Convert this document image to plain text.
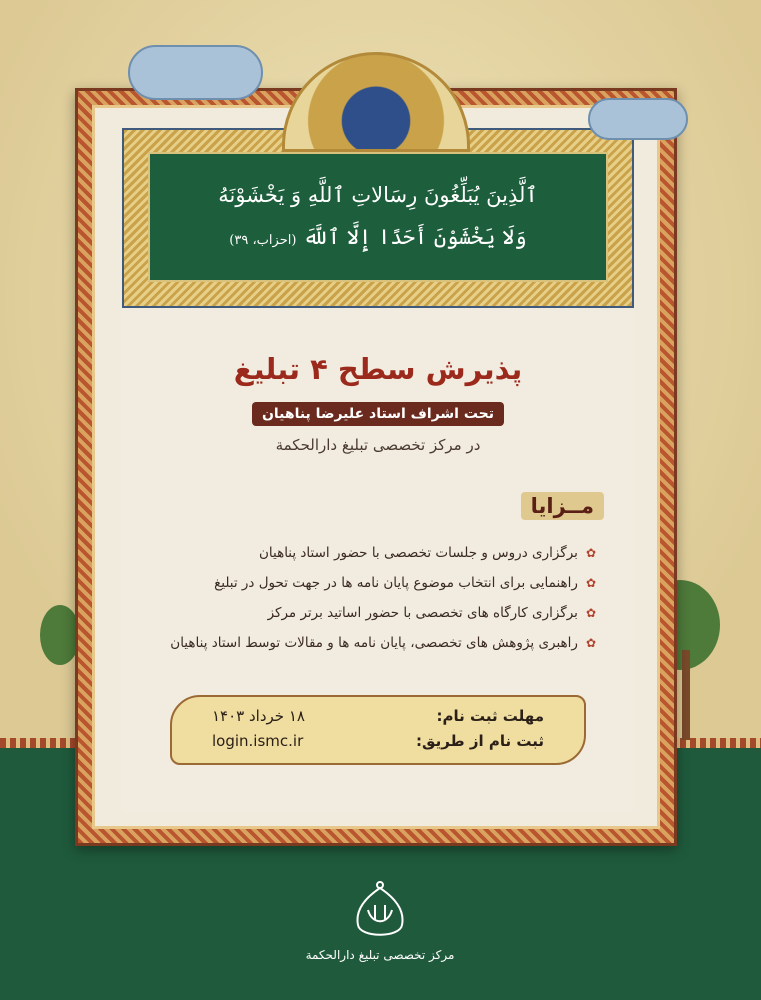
ٱلَّذِينَ يُبَلِّغُونَ رِسَالاتِ ٱللَّهِ وَ يَخْشَوْنَهُ
وَلَا يَخْشَوْنَ أَحَدًا إِلَّا ٱللَّهَ (احزاب، ۳۹)
پذیرش سطح ۴ تبلیغ
تحت اشراف استاد علیرضا پناهیان
در مرکز تخصصی تبلیغ دارالحکمة
مــزایا
✿برگزاری دروس و جلسات تخصصی با حضور استاد پناهیان
✿راهنمایی برای انتخاب موضوع پایان نامه ها در جهت تحول در تبلیغ
✿برگزاری کارگاه های تخصصی با حضور اساتید برتر مرکز
✿راهبری پژوهش های تخصصی، پایان نامه ها و مقالات توسط استاد پناهیان
مهلت ثبت نام:
۱۸ خرداد ۱۴۰۳
ثبت نام از طریق:
login.ismc.ir
مرکز تخصصی تبلیغ دارالحکمة
